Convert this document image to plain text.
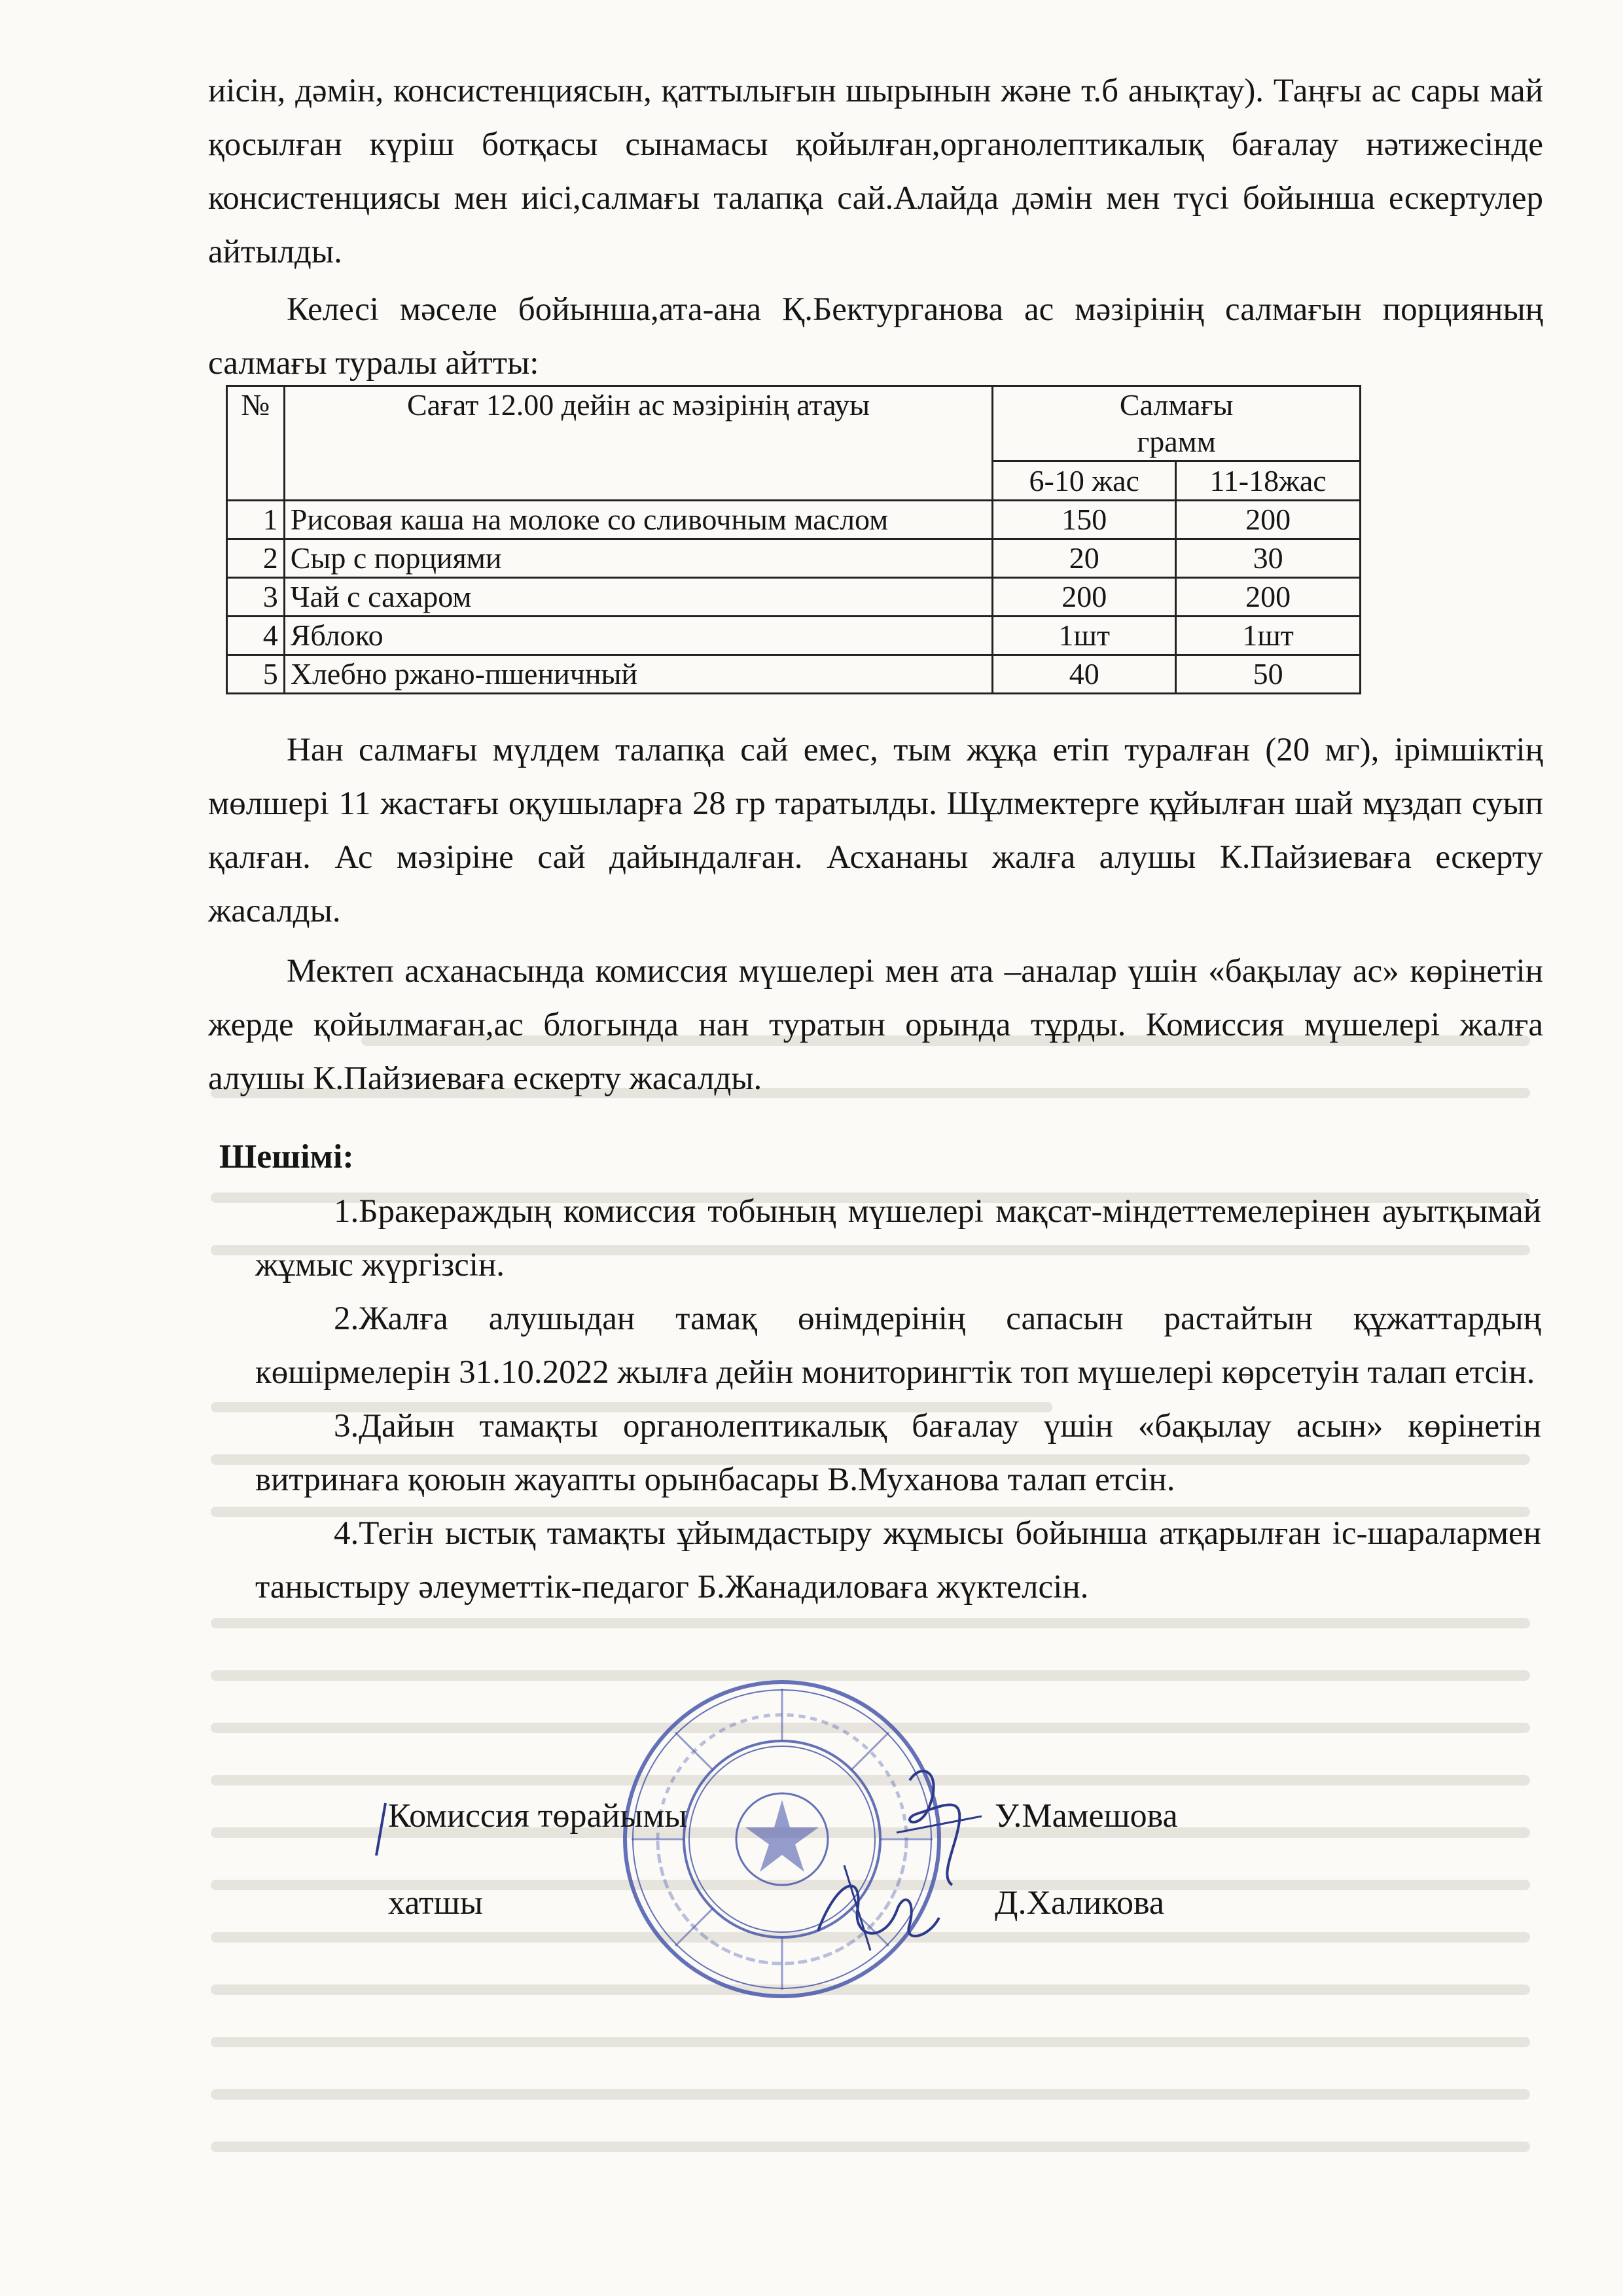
иісін, дәмін, консистенциясын, қаттылығын шырынын және т.б анықтау). Таңғы ас сары май қосылған күріш ботқасы сынамасы қойылған,органолептикалық бағалау нәтижесінде консистенциясы мен иісі,салмағы талапқа сай.Алайда дәмін мен түсі бойынша ескертулер айтылды.

Келесі мәселе бойынша,ата-ана Қ.Бектурганова ас мәзірінің салмағын порцияның салмағы туралы айтты:

№	Сағат 12.00 дейін ас мәзірінің атауы	Салмағы
грамм	

		6-10 жас	11-18жас
1	Рисовая каша на молоке со сливочным маслом	150	200
2	Сыр с порциями	20	30
3	Чай с сахаром	200	200
4	Яблоко	1шт	1шт
5	Хлебно ржано-пшеничный	40	50

Нан салмағы мүлдем талапқа сай емес, тым жұқа етіп туралған (20 мг), ірімшіктің мөлшері 11 жастағы оқушыларға 28 гр таратылды. Шұлмектерге құйылған шай мұздап суып қалған. Ас мәзіріне сай дайындалған. Асхананы жалға алушы К.Пайзиеваға ескерту жасалды.

Мектеп асханасында комиссия мүшелері мен ата –аналар үшін «бақылау ас» көрінетін жерде қойылмаған,ас блогында нан туратын орында тұрды. Комиссия мүшелері жалға алушы К.Пайзиеваға ескерту жасалды.

Шешімі:

1.Бракераждың комиссия тобының мүшелері мақсат-міндеттемелерінен ауытқымай жұмыс жүргізсін.

2.Жалға алушыдан тамақ өнімдерінің сапасын растайтын құжаттардың көшірмелерін 31.10.2022 жылға дейін мониторингтік топ мүшелері көрсетуін талап етсін.

3.Дайын тамақты органолептикалық бағалау үшін «бақылау асын» көрінетін витринаға қоюын жауапты орынбасары В.Муханова талап етсін.

4.Тегін ыстық тамақты ұйымдастыру жұмысы бойынша атқарылған іс-шаралармен таныстыру әлеуметтік-педагог Б.Жанадиловаға жүктелсін.

Комиссия төрайымы	У.Мамешова
хатшы	Д.Халикова
